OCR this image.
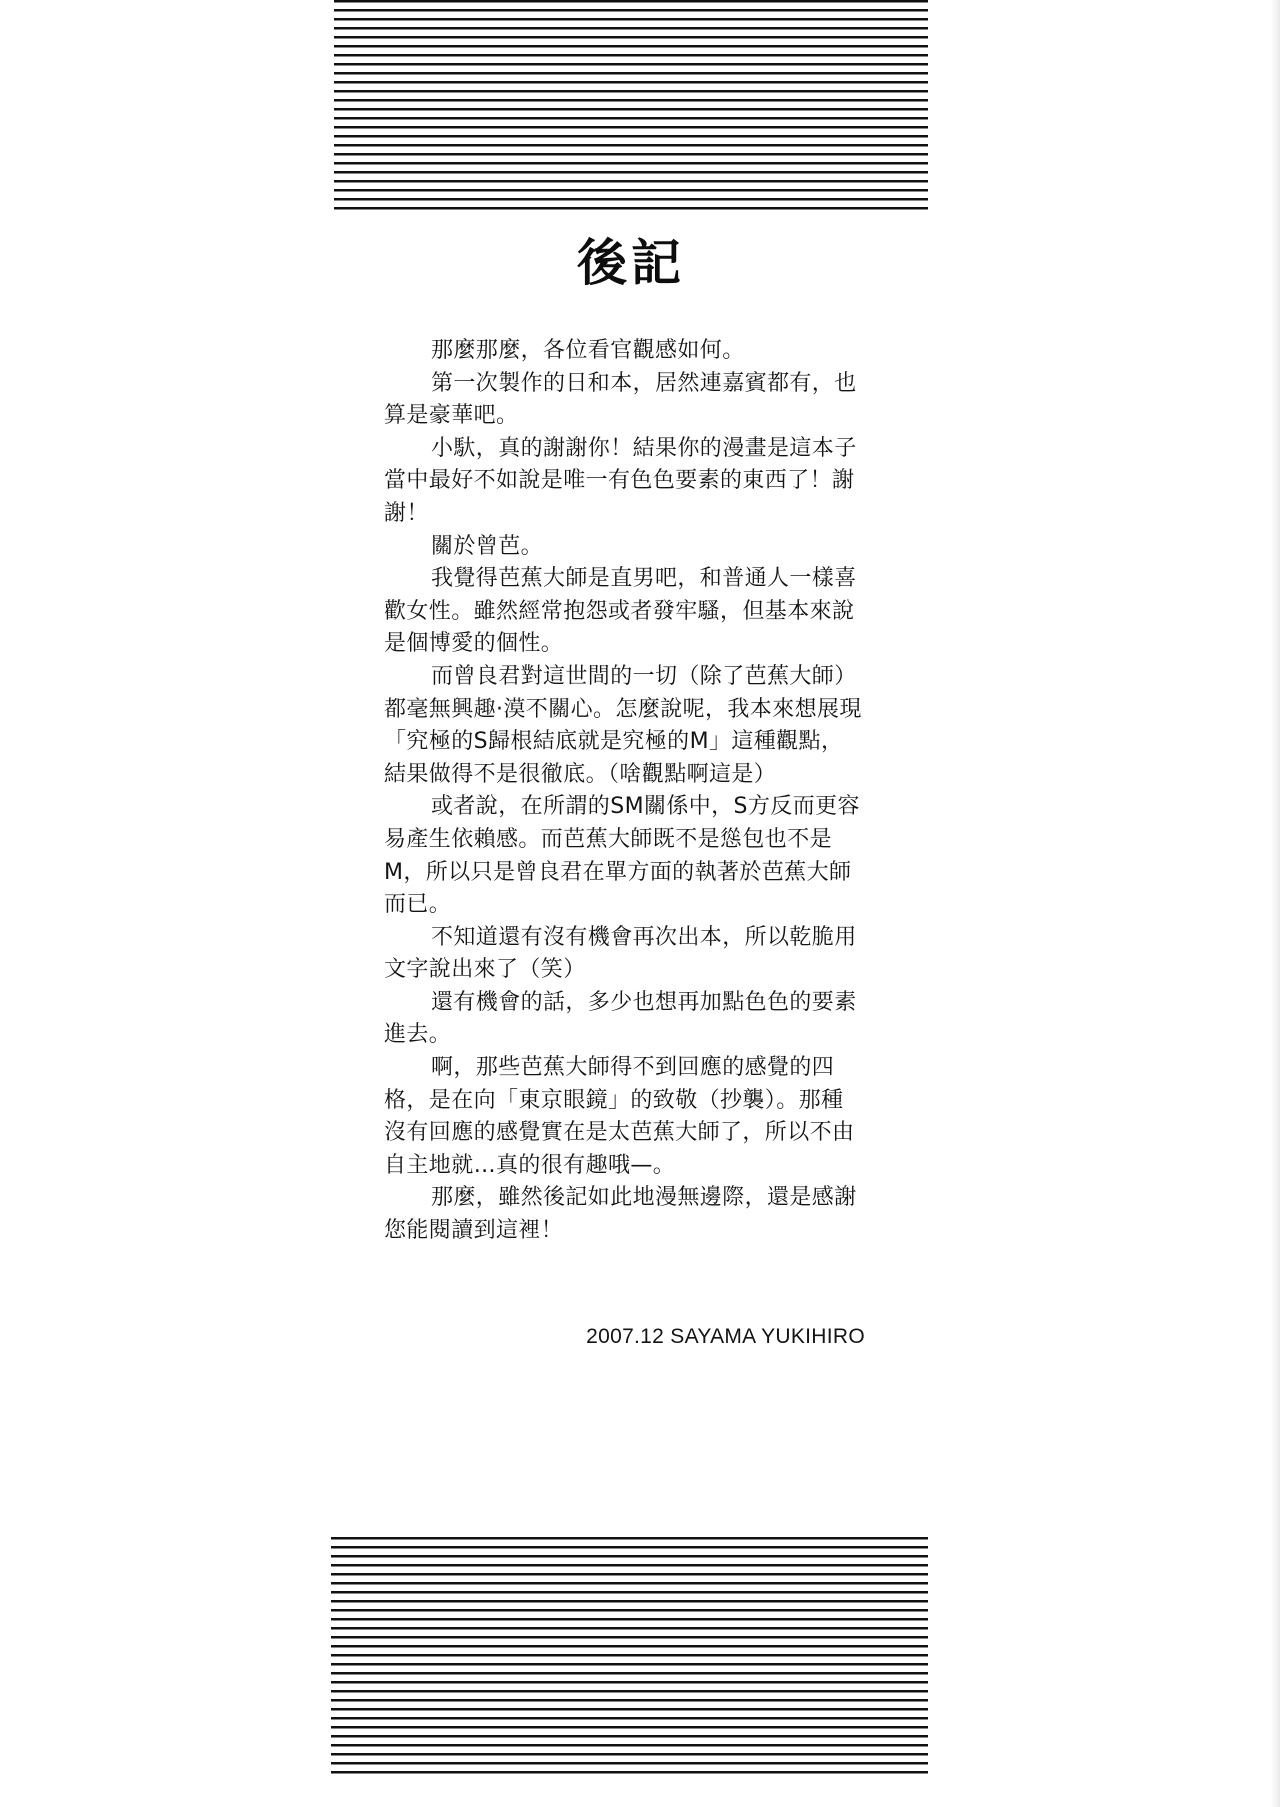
後記

那麼那麼，各位看官觀感如何。

第一次製作的日和本，居然連嘉賓都有，也算是豪華吧。

小馱，真的謝謝你！結果你的漫畫是這本子當中最好不如說是唯一有色色要素的東西了！謝謝！

關於曾芭。

我覺得芭蕉大師是直男吧，和普通人一樣喜歡女性。雖然經常抱怨或者發牢騷，但基本來說是個博愛的個性。

而曾良君對這世間的一切（除了芭蕉大師）都毫無興趣·漠不關心。怎麼說呢，我本來想展現「究極的S歸根結底就是究極的M」這種觀點，結果做得不是很徹底。（啥觀點啊這是）

或者說，在所謂的SM關係中，S方反而更容易產生依賴感。而芭蕉大師既不是慫包也不是M，所以只是曾良君在單方面的執著於芭蕉大師而已。

不知道還有沒有機會再次出本，所以乾脆用文字說出來了（笑）

還有機會的話，多少也想再加點色色的要素進去。

啊，那些芭蕉大師得不到回應的感覺的四格，是在向「東京眼鏡」的致敬（抄襲）。那種沒有回應的感覺實在是太芭蕉大師了，所以不由自主地就…真的很有趣哦—。

那麼，雖然後記如此地漫無邊際，還是感謝您能閱讀到這裡！

2007.12 SAYAMA YUKIHIRO
